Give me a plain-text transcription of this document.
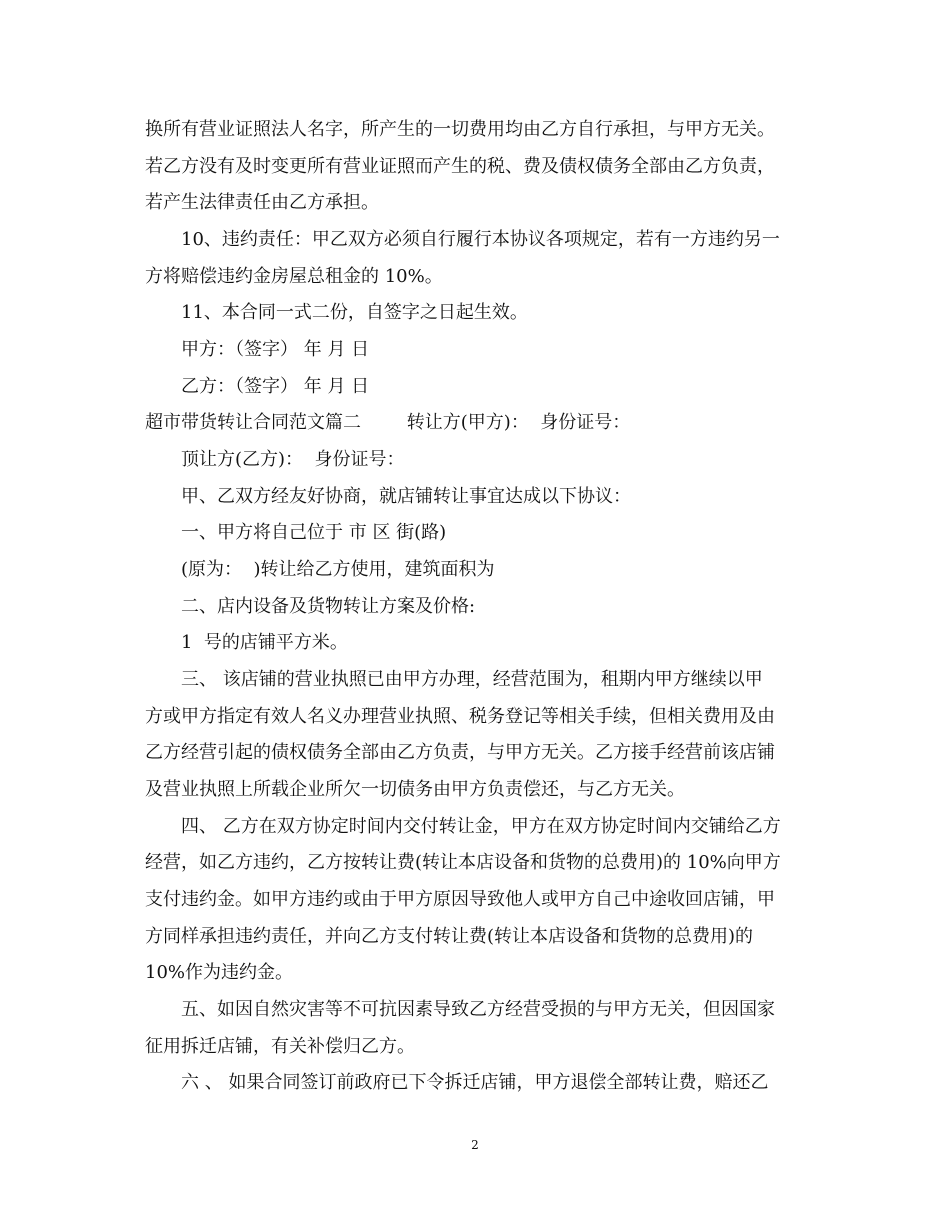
换所有营业证照法人名字，所产生的一切费用均由乙方自行承担，与甲方无关。

若乙方没有及时变更所有营业证照而产生的税、费及债权债务全部由乙方负责，

若产生法律责任由乙方承担。

10、违约责任：甲乙双方必须自行履行本协议各项规定，若有一方违约另一

方将赔偿违约金房屋总租金的 10%。

11、本合同一式二份，自签字之日起生效。

甲方：（签字） 年 月 日

乙方：（签字） 年 月 日

超市带货转让合同范文篇二        转让方(甲方)：  身份证号：

顶让方(乙方)：  身份证号：

甲、乙双方经友好协商，就店铺转让事宜达成以下协议：

一、甲方将自己位于 市 区 街(路)

(原为：  )转让给乙方使用，建筑面积为

二、店内设备及货物转让方案及价格:

1  号的店铺平方米。

三、 该店铺的营业执照已由甲方办理，经营范围为，租期内甲方继续以甲

方或甲方指定有效人名义办理营业执照、税务登记等相关手续，但相关费用及由

乙方经营引起的债权债务全部由乙方负责，与甲方无关。乙方接手经营前该店铺

及营业执照上所载企业所欠一切债务由甲方负责偿还，与乙方无关。

四、 乙方在双方协定时间内交付转让金，甲方在双方协定时间内交铺给乙方

经营，如乙方违约，乙方按转让费(转让本店设备和货物的总费用)的 10%向甲方

支付违约金。如甲方违约或由于甲方原因导致他人或甲方自己中途收回店铺，甲

方同样承担违约责任，并向乙方支付转让费(转让本店设备和货物的总费用)的

10%作为违约金。

五、如因自然灾害等不可抗因素导致乙方经营受损的与甲方无关，但因国家

征用拆迁店铺，有关补偿归乙方。

六 、 如果合同签订前政府已下令拆迁店铺，甲方退偿全部转让费，赔还乙

2
